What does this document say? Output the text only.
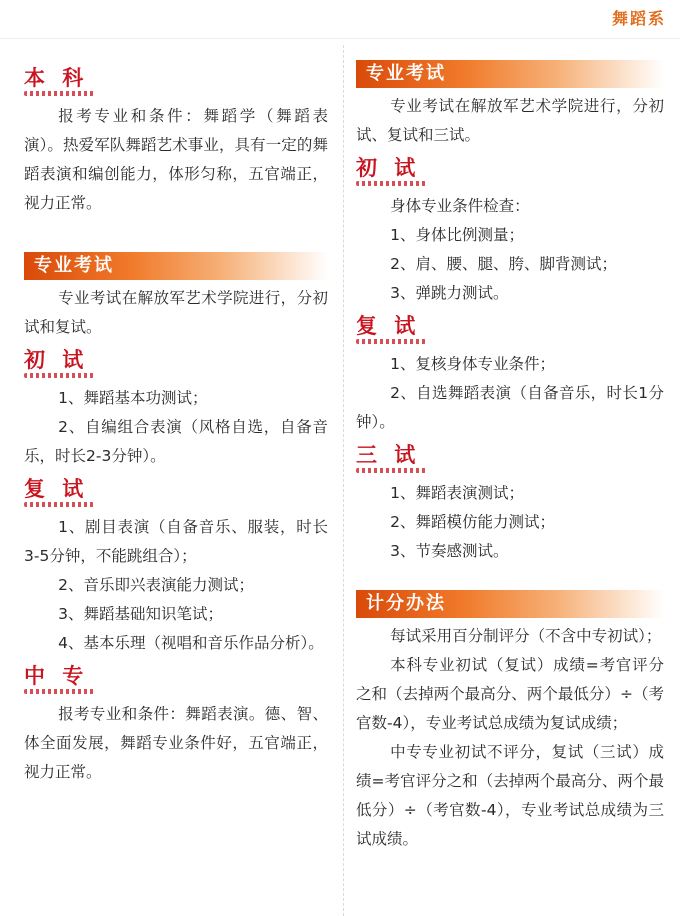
舞蹈系
本 科

报考专业和条件：舞蹈学（舞蹈表演）。热爱军队舞蹈艺术事业，具有一定的舞蹈表演和编创能力，体形匀称，五官端正，视力正常。

专业考试

专业考试在解放军艺术学院进行，分初试和复试。

初 试

1、舞蹈基本功测试；

2、自编组合表演（风格自选，自备音乐，时长2-3分钟）。

复 试

1、剧目表演（自备音乐、服装，时长3-5分钟，不能跳组合）；

2、音乐即兴表演能力测试；

3、舞蹈基础知识笔试；

4、基本乐理（视唱和音乐作品分析）。

中 专

报考专业和条件：舞蹈表演。德、智、体全面发展，舞蹈专业条件好，五官端正，视力正常。

专业考试

专业考试在解放军艺术学院进行，分初试、复试和三试。

初 试

身体专业条件检查：

1、身体比例测量；

2、肩、腰、腿、胯、脚背测试；

3、弹跳力测试。

复 试

1、复核身体专业条件；

2、自选舞蹈表演（自备音乐，时长1分钟）。

三 试

1、舞蹈表演测试；

2、舞蹈模仿能力测试；

3、节奏感测试。

计分办法

每试采用百分制评分（不含中专初试）；

本科专业初试（复试）成绩=考官评分之和（去掉两个最高分、两个最低分）÷（考官数-4），专业考试总成绩为复试成绩；

中专专业初试不评分，复试（三试）成绩=考官评分之和（去掉两个最高分、两个最低分）÷（考官数-4），专业考试总成绩为三试成绩。
